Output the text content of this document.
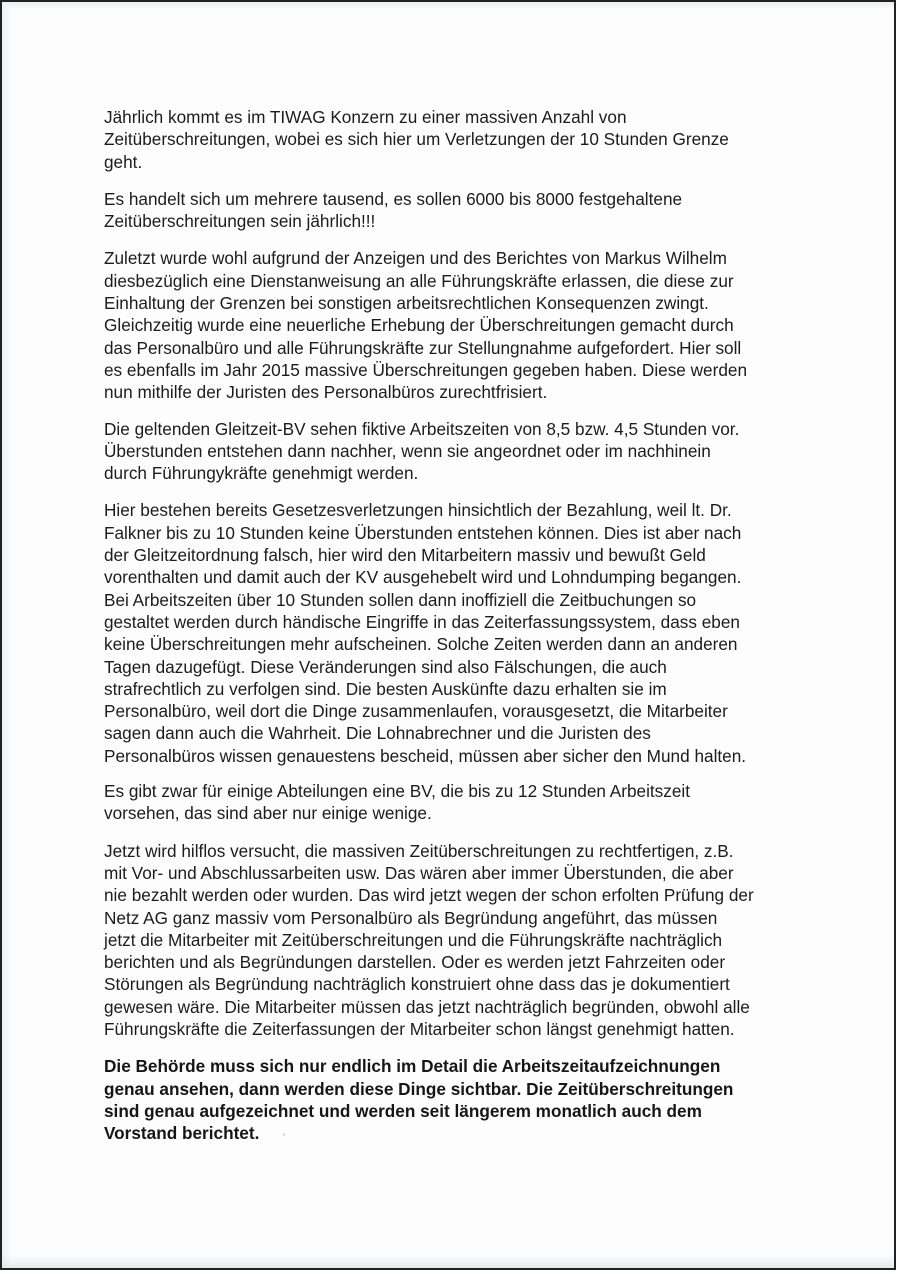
Jährlich kommt es im TIWAG Konzern zu einer massiven Anzahl von
Zeitüberschreitungen, wobei es sich hier um Verletzungen der 10 Stunden Grenze
geht.

Es handelt sich um mehrere tausend, es sollen 6000 bis 8000 festgehaltene
Zeitüberschreitungen sein jährlich!!!

Zuletzt wurde wohl aufgrund der Anzeigen und des Berichtes von Markus Wilhelm
diesbezüglich eine Dienstanweisung an alle Führungskräfte erlassen, die diese zur
Einhaltung der Grenzen bei sonstigen arbeitsrechtlichen Konsequenzen zwingt.
Gleichzeitig wurde eine neuerliche Erhebung der Überschreitungen gemacht durch
das Personalbüro und alle Führungskräfte zur Stellungnahme aufgefordert. Hier soll
es ebenfalls im Jahr 2015 massive Überschreitungen gegeben haben. Diese werden
nun mithilfe der Juristen des Personalbüros zurechtfrisiert.

Die geltenden Gleitzeit-BV sehen fiktive Arbeitszeiten von 8,5 bzw. 4,5 Stunden vor.
Überstunden entstehen dann nachher, wenn sie angeordnet oder im nachhinein
durch Führungykräfte genehmigt werden.

Hier bestehen bereits Gesetzesverletzungen hinsichtlich der Bezahlung, weil lt. Dr.
Falkner bis zu 10 Stunden keine Überstunden entstehen können. Dies ist aber nach
der Gleitzeitordnung falsch, hier wird den Mitarbeitern massiv und bewußt Geld
vorenthalten und damit auch der KV ausgehebelt wird und Lohndumping begangen.
Bei Arbeitszeiten über 10 Stunden sollen dann inoffiziell die Zeitbuchungen so
gestaltet werden durch händische Eingriffe in das Zeiterfassungssystem, dass eben
keine Überschreitungen mehr aufscheinen. Solche Zeiten werden dann an anderen
Tagen dazugefügt. Diese Veränderungen sind also Fälschungen, die auch
strafrechtlich zu verfolgen sind. Die besten Auskünfte dazu erhalten sie im
Personalbüro, weil dort die Dinge zusammenlaufen, vorausgesetzt, die Mitarbeiter
sagen dann auch die Wahrheit. Die Lohnabrechner und die Juristen des
Personalbüros wissen genauestens bescheid, müssen aber sicher den Mund halten.

Es gibt zwar für einige Abteilungen eine BV, die bis zu 12 Stunden Arbeitszeit
vorsehen, das sind aber nur einige wenige.

Jetzt wird hilflos versucht, die massiven Zeitüberschreitungen zu rechtfertigen, z.B.
mit Vor- und Abschlussarbeiten usw. Das wären aber immer Überstunden, die aber
nie bezahlt werden oder wurden. Das wird jetzt wegen der schon erfolten Prüfung der
Netz AG ganz massiv vom Personalbüro als Begründung angeführt, das müssen
jetzt die Mitarbeiter mit Zeitüberschreitungen und die Führungskräfte nachträglich
berichten und als Begründungen darstellen. Oder es werden jetzt Fahrzeiten oder
Störungen als Begründung nachträglich konstruiert ohne dass das je dokumentiert
gewesen wäre. Die Mitarbeiter müssen das jetzt nachträglich begründen, obwohl alle
Führungskräfte die Zeiterfassungen der Mitarbeiter schon längst genehmigt hatten.

Die Behörde muss sich nur endlich im Detail die Arbeitszeitaufzeichnungen
genau ansehen, dann werden diese Dinge sichtbar. Die Zeitüberschreitungen
sind genau aufgezeichnet und werden seit längerem monatlich auch dem
Vorstand berichtet.
